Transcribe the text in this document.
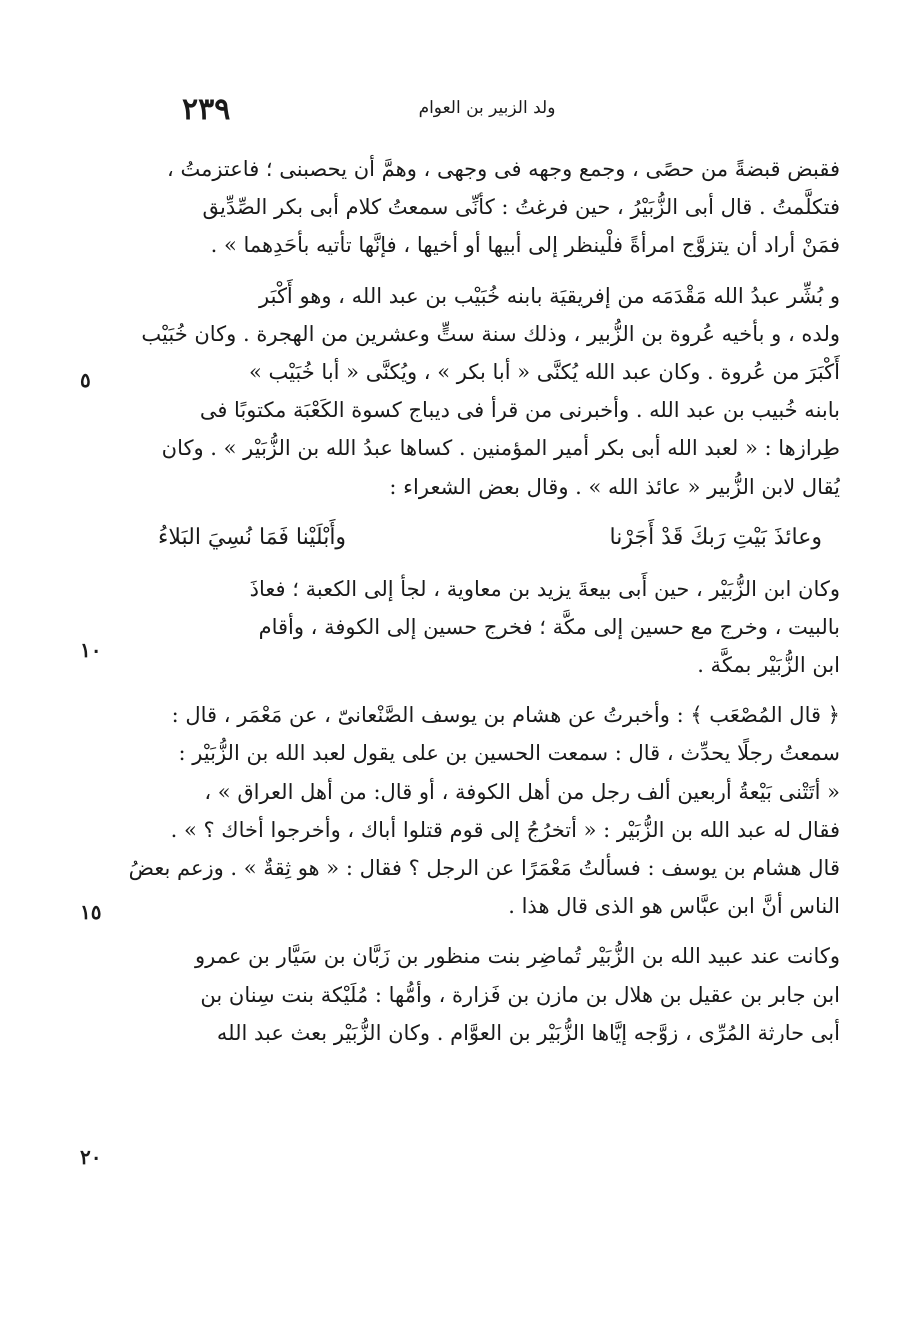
٢٣٩	ولد الزبير بن العوام

فقبض قبضةً من حصًى ، وجمع وجهه فى وجهى ، وهمَّ أن يحصبنى ؛ فاعتزمتُ ،
فتكلَّمتُ . قال أبى الزُّبَيْرُ ، حين فرغتُ : كأنِّى سمعتُ كلام أبى بكر الصِّدِّيق
فمَنْ أراد أن يتزوَّج امرأةً فلْينظر إلى أبيها أو أخيها ، فإنَّها تأتيه بأحَدِهما » .

و بُشِّر عبدُ الله مَقْدَمَه من إفريقيَة بابنه خُبَيْب بن عبد الله ، وهو أَكْبَر
ولده ، و بأخيه عُروة بن الزُّبير ، وذلك سنة ستٍّ وعشرين من الهجرة . وكان خُبَيْب
أَكْبَرَ من عُروة . وكان عبد الله يُكنَّى « أبا بكر » ، ويُكنَّى « أبا خُبَيْب »
بابنه خُبيب بن عبد الله . وأخبرنى من قرأ فى ديباج كسوة الكَعْبَة مكتوبًا فى
طِرازها : « لعبد الله أبى بكر أمير المؤمنين . كساها عبدُ الله بن الزُّبَيْر » . وكان
يُقال لابن الزُّبير « عائذ الله » . وقال بعض الشعراء :

وعائذَ بَيْتِ رَبكَ قَدْ أَجَرْنا
وأَبْلَيْنا فَمَا نُسِيَ البَلاءُ

وكان ابن الزُّبَيْر ، حين أَبى بيعةَ يزيد بن معاوية ، لجأ إلى الكعبة ؛ فعاذَ
بالبيت ، وخرج مع حسين إلى مكَّة ؛ فخرج حسين إلى الكوفة ، وأقام
ابن الزُّبَيْر بمكَّة .

﴿ قال المُصْعَب ﴾ : وأخبرتُ عن هشام بن يوسف الصَّنْعانىّ ، عن مَعْمَر ، قال :
سمعتُ رجلًا يحدِّث ، قال : سمعت الحسين بن على يقول لعبد الله بن الزُّبَيْر :
« أتَتْنى بَيْعةُ أربعين ألف رجل من أهل الكوفة ، أو قال: من أهل العراق » ،
فقال له عبد الله بن الزُّبَيْر : « أتخرُجُ إلى قوم قتلوا أباك ، وأخرجوا أخاك ؟ » .
قال هشام بن يوسف : فسألتُ مَعْمَرًا عن الرجل ؟ فقال : « هو ثِقةٌ » . وزعم بعضُ
الناس أنَّ ابن عبَّاس هو الذى قال هذا .

وكانت عند عبيد الله بن الزُّبَيْر تُماضِر بنت منظور بن زَبَّان بن سَيَّار بن عمرو
ابن جابر بن عقيل بن هلال بن مازن بن فَزارة ، وأمُّها : مُلَيْكة بنت سِنان بن
أبى حارثة المُرِّى ، زوَّجه إيَّاها الزُّبَيْر بن العوَّام . وكان الزُّبَيْر بعث عبد الله

٥
١٠
١٥
٢٠
